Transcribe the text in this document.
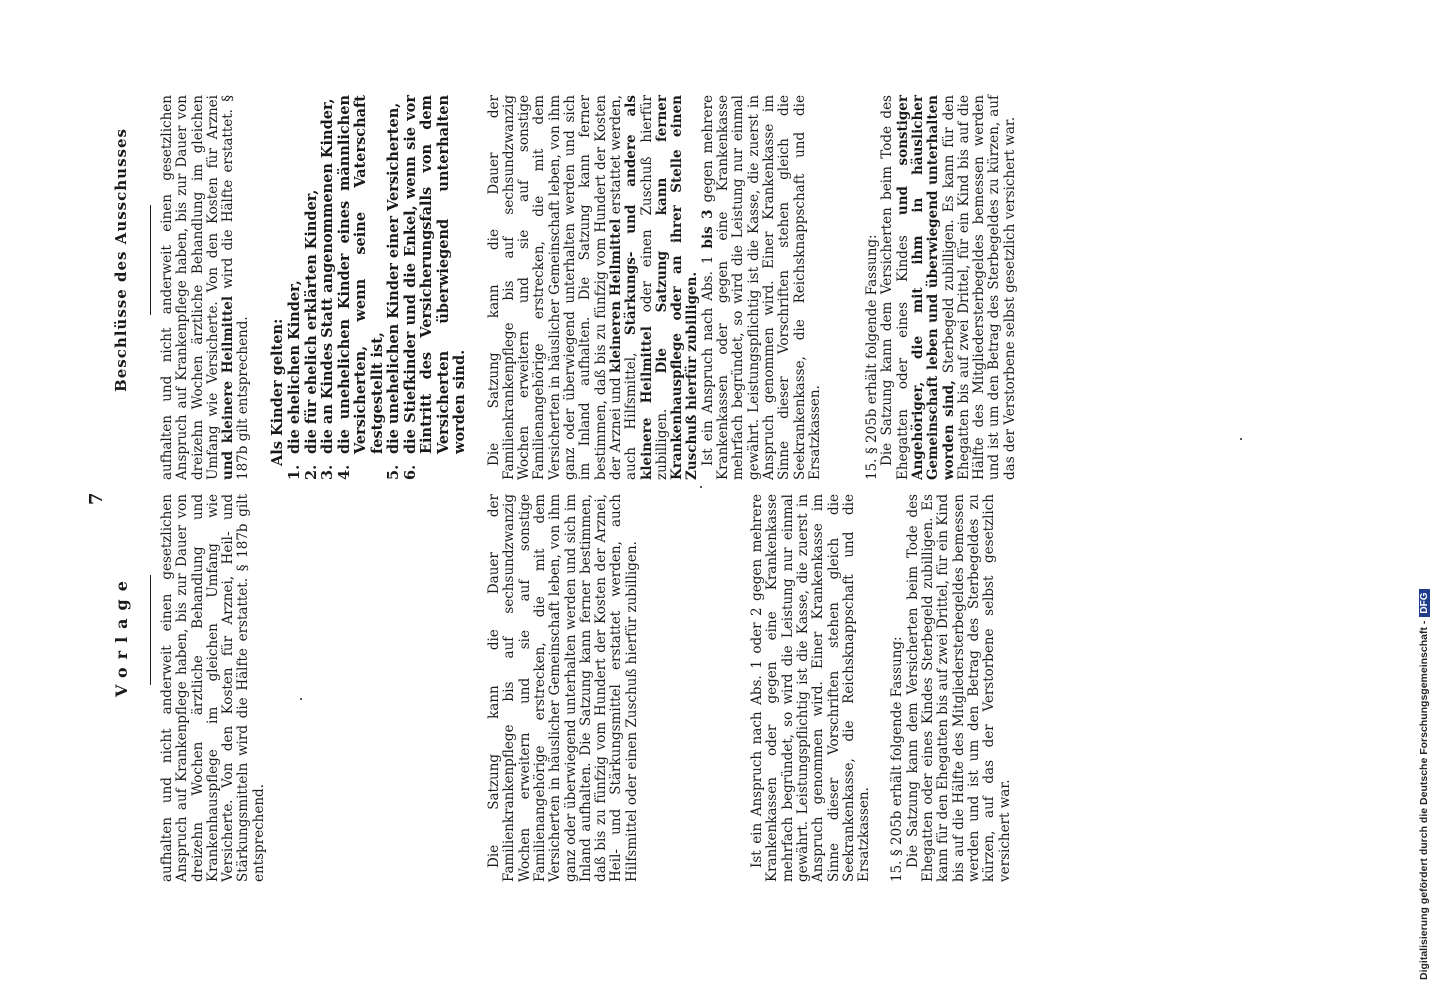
Vorlage aufhalten und nicht anderweit einen gesetzlichen Anspruch auf Krankenpflege haben, bis zur Dauer von dreizehn Wochen ärztliche Behandlung und Krankenhauspflege im gleichen Umfang wie Versicherte. Von den Kosten für Arznei, Heil- und Stärkungsmitteln wird die Hälfte erstattet. § 187b gilt entsprechend.	Die Satzung kann die Dauer der Familienkrankenpflege bis auf sechsundzwanzig Wochen erweitern und sie auf sonstige Familienangehörige erstrecken, die mit dem Versicherten in häuslicher Gemeinschaft leben, von ihm ganz oder überwiegend unterhalten werden und sich im Inland aufhalten. Die Satzung kann ferner bestimmen, daß bis zu fünfzig vom Hundert der Kosten der Arznei, Heil- und Stärkungsmittel erstattet werden, auch Hilfsmittel oder einen Zuschuß hierfür zubilligen.	Ist ein Anspruch nach Abs. 1 oder 2 gegen mehrere Krankenkassen oder gegen eine Krankenkasse mehrfach begründet, so wird die Leistung nur einmal gewährt. Leistungspflichtig ist die Kasse, die zuerst in Anspruch genommen wird. Einer Krankenkasse im Sinne dieser Vorschriften stehen gleich die Seekrankenkasse, die Reichsknappschaft und die Ersatzkassen. 15.
§ 205b erhält folgende Fassung: Die Satzung kann dem Versicherten beim Tode des Ehegatten oder eines Kindes Sterbegeld zubilligen. Es kann für den Ehegatten bis auf zwei Drittel, für ein Kind bis auf die Hälfte des Mitgliedersterbegeldes bemessen werden und ist um den Betrag des Sterbegeldes zu kürzen, auf das der Verstorbene selbst gesetzlich versichert war.

7
Beschlüsse des Ausschusses aufhalten und nicht anderweit einen gesetzlichen Anspruch auf Krankenpflege haben, bis zur Dauer von dreizehn Wochen ärztliche Behandlung im gleichen Umfang wie Versicherte. Von den Kosten für Arznei und kleinere Heilmittel wird die Hälfte erstattet. § 187b gilt entsprechend. Als Kinder gelten:
1.
die ehelichen Kinder,
2.
die für ehelich erklärten Kinder,
3.
die an Kindes Statt angenommenen Kinder,
4.
die unehelichen Kinder eines männlichen Versicherten, wenn seine Vaterschaft festgestellt ist,
5.
die unehelichen Kinder einer Versicherten,
6.
die Stiefkinder und die Enkel, wenn sie vor Eintritt des Versicherungsfalls von dem Versicherten überwiegend unterhalten worden sind. Die Satzung kann die Dauer der Familienkrankenpflege bis auf sechsundzwanzig Wochen erweitern und sie auf sonstige Familienangehörige erstrecken, die mit dem Versicherten in häuslicher Gemeinschaft leben, von ihm ganz oder überwiegend unterhalten werden und sich im Inland aufhalten. Die Satzung kann ferner bestimmen, daß bis zu fünfzig vom Hundert der Kosten der Arznei und kleineren Heilmittel erstattet werden, auch Hilfsmittel, Stärkungs- und andere als kleinere Heilmittel oder einen Zuschuß hierfür zubilligen. Die Satzung kann ferner Krankenhauspflege oder an ihrer Stelle einen Zuschuß hierfür zubilligen. Ist ein Anspruch nach Abs. 1 bis 3 gegen mehrere Krankenkassen oder gegen eine Krankenkasse mehrfach begründet, so wird die Leistung nur einmal gewährt. Leistungspflichtig ist die Kasse, die zuerst in Anspruch genommen wird. Einer Krankenkasse im Sinne dieser Vorschriften stehen gleich die Seekrankenkasse, die Reichsknappschaft und die Ersatzkassen.	15.
§ 205b erhält folgende Fassung: Die Satzung kann dem Versicherten beim Tode des Ehegatten oder eines Kindes und sonstiger Angehöriger, die mit ihm in häuslicher Gemeinschaft leben und überwiegend unterhalten worden sind, Sterbegeld zubilligen. Es kann für den Ehegatten bis auf zwei Drittel, für ein Kind bis auf die Hälfte des Mitgliedersterbegeldes bemessen werden und ist um den Betrag des Sterbegeldes zu kürzen, auf das der Verstorbene selbst gesetzlich versichert war.

Digitalisierung gefördert durch die Deutsche Forschungsgemeinschaft -DFG
